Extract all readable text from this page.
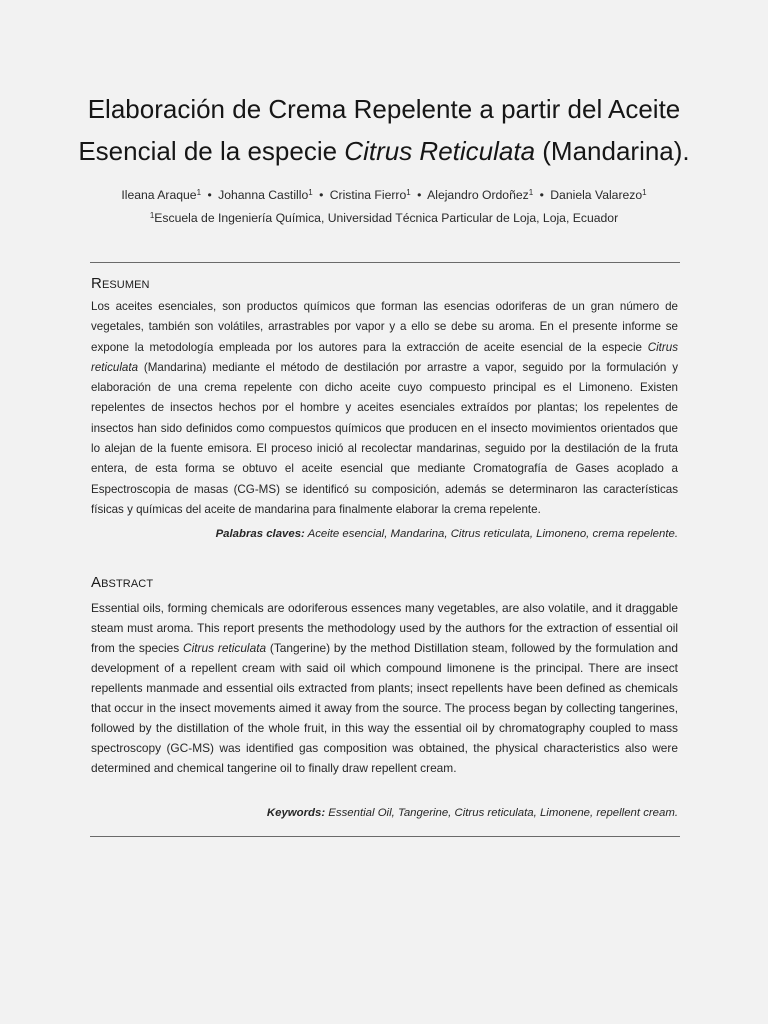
Elaboración de Crema Repelente a partir del Aceite
Esencial de la especie Citrus Reticulata (Mandarina).
Ileana Araque$^1$ • Johanna Castillo$^1$ • Cristina Fierro$^1$ • Alejandro Ordoñez$^1$ • Daniela Valarezo$^1$
$^1$Escuela de Ingeniería Química, Universidad Técnica Particular de Loja, Loja, Ecuador
RESUMEN
Los aceites esenciales, son productos químicos que forman las esencias odoriferas de un gran número de vegetales, también son volátiles, arrastrables por vapor y a ello se debe su aroma. En el presente informe se expone la metodología empleada por los autores para la extracción de aceite esencial de la especie Citrus reticulata (Mandarina) mediante el método de destilación por arrastre a vapor, seguido por la formulación y elaboración de una crema repelente con dicho aceite cuyo compuesto principal es el Limoneno. Existen repelentes de insectos hechos por el hombre y aceites esenciales extraídos por plantas; los repelentes de insectos han sido definidos como compuestos químicos que producen en el insecto movimientos orientados que lo alejan de la fuente emisora. El proceso inició al recolectar mandarinas, seguido por la destilación de la fruta entera, de esta forma se obtuvo el aceite esencial que mediante Cromatografía de Gases acoplado a Espectroscopia de masas (CG-MS) se identificó su composición, además se determinaron las características físicas y químicas del aceite de mandarina para finalmente elaborar la crema repelente.
Palabras claves: Aceite esencial, Mandarina, Citrus reticulata, Limoneno, crema repelente.
ABSTRACT
Essential oils, forming chemicals are odoriferous essences many vegetables, are also volatile, and it draggable steam must aroma. This report presents the methodology used by the authors for the extraction of essential oil from the species Citrus reticulata (Tangerine) by the method Distillation steam, followed by the formulation and development of a repellent cream with said oil which compound limonene is the principal. There are insect repellents manmade and essential oils extracted from plants; insect repellents have been defined as chemicals that occur in the insect movements aimed it away from the source. The process began by collecting tangerines, followed by the distillation of the whole fruit, in this way the essential oil by chromatography coupled to mass spectroscopy (GC-MS) was identified gas composition was obtained, the physical characteristics also were determined and chemical tangerine oil to finally draw repellent cream.
Keywords: Essential Oil, Tangerine, Citrus reticulata, Limonene, repellent cream.
